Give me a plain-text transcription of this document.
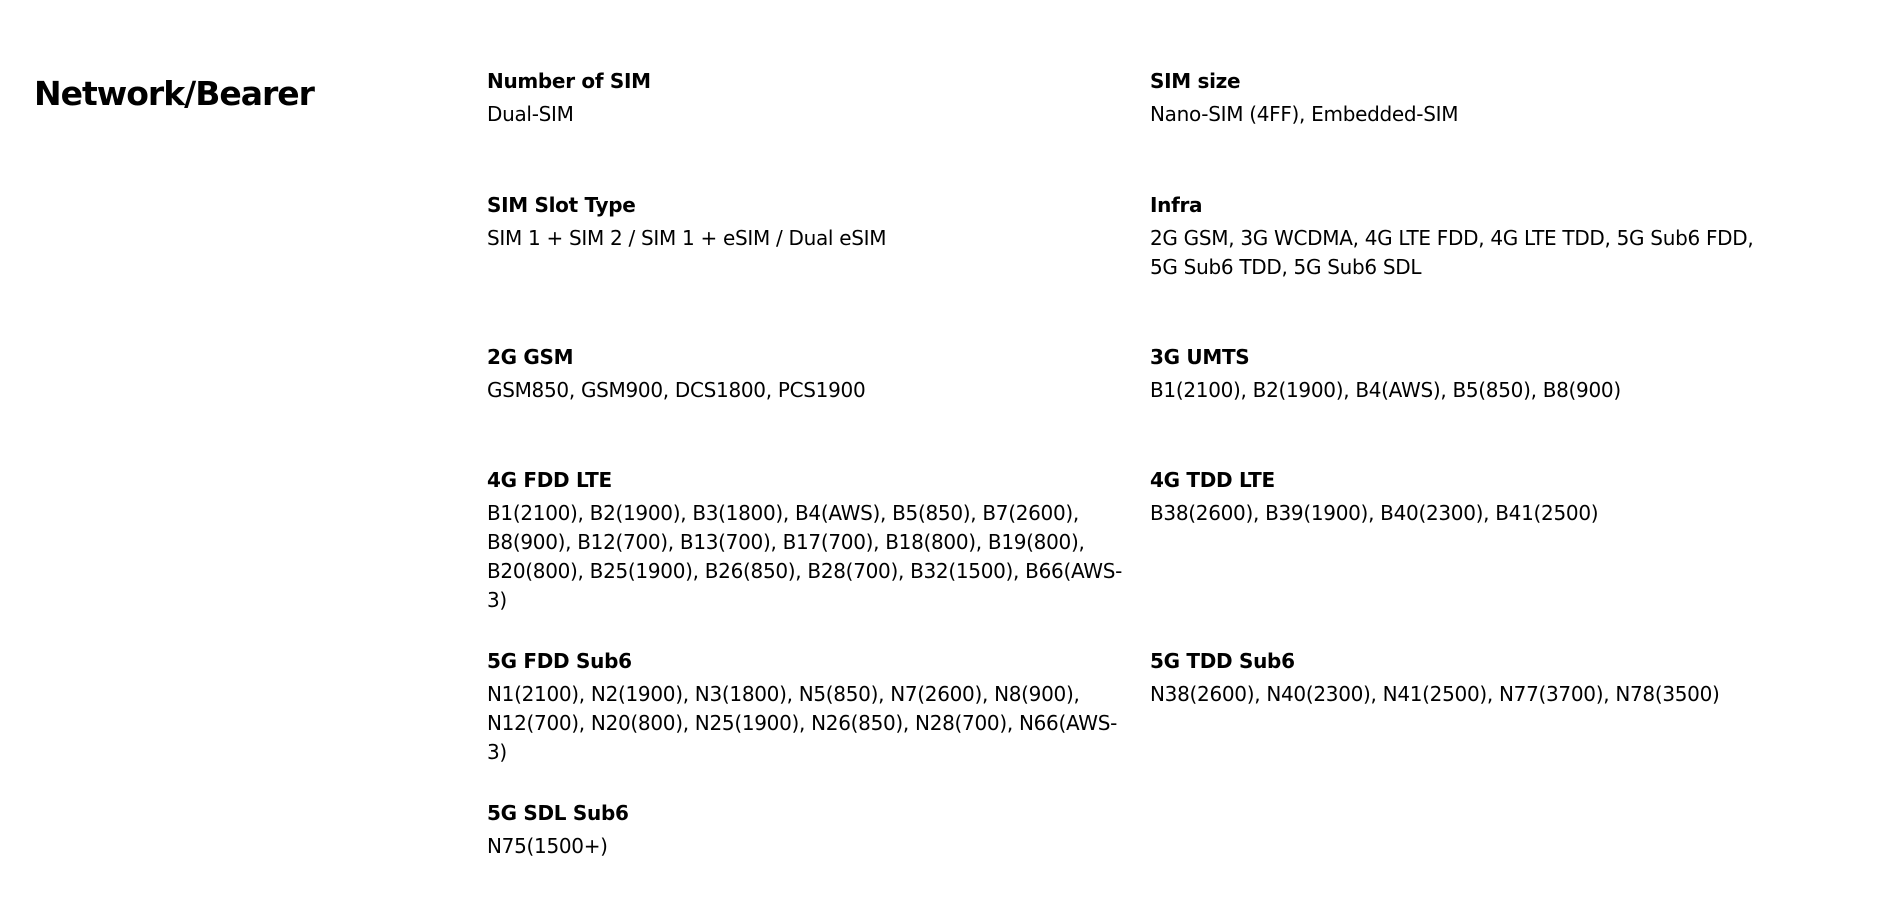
Network/Bearer	Number of SIM
Dual-SIM
SIM size
Nano-SIM (4FF), Embedded-SIM
SIM Slot Type
SIM 1 + SIM 2 / SIM 1 + eSIM / Dual eSIM
Infra
2G GSM, 3G WCDMA, 4G LTE FDD, 4G LTE TDD, 5G Sub6 FDD, 5G Sub6 TDD, 5G Sub6 SDL
2G GSM
GSM850, GSM900, DCS1800, PCS1900
3G UMTS
B1(2100), B2(1900), B4(AWS), B5(850), B8(900)
4G FDD LTE
B1(2100), B2(1900), B3(1800), B4(AWS), B5(850), B7(2600), B8(900), B12(700), B13(700), B17(700), B18(800), B19(800), B20(800), B25(1900), B26(850), B28(700), B32(1500), B66(AWS-3)
4G TDD LTE
B38(2600), B39(1900), B40(2300), B41(2500)
5G FDD Sub6
N1(2100), N2(1900), N3(1800), N5(850), N7(2600), N8(900), N12(700), N20(800), N25(1900), N26(850), N28(700), N66(AWS-3)
5G TDD Sub6
N38(2600), N40(2300), N41(2500), N77(3700), N78(3500)
5G SDL Sub6
N75(1500+)
